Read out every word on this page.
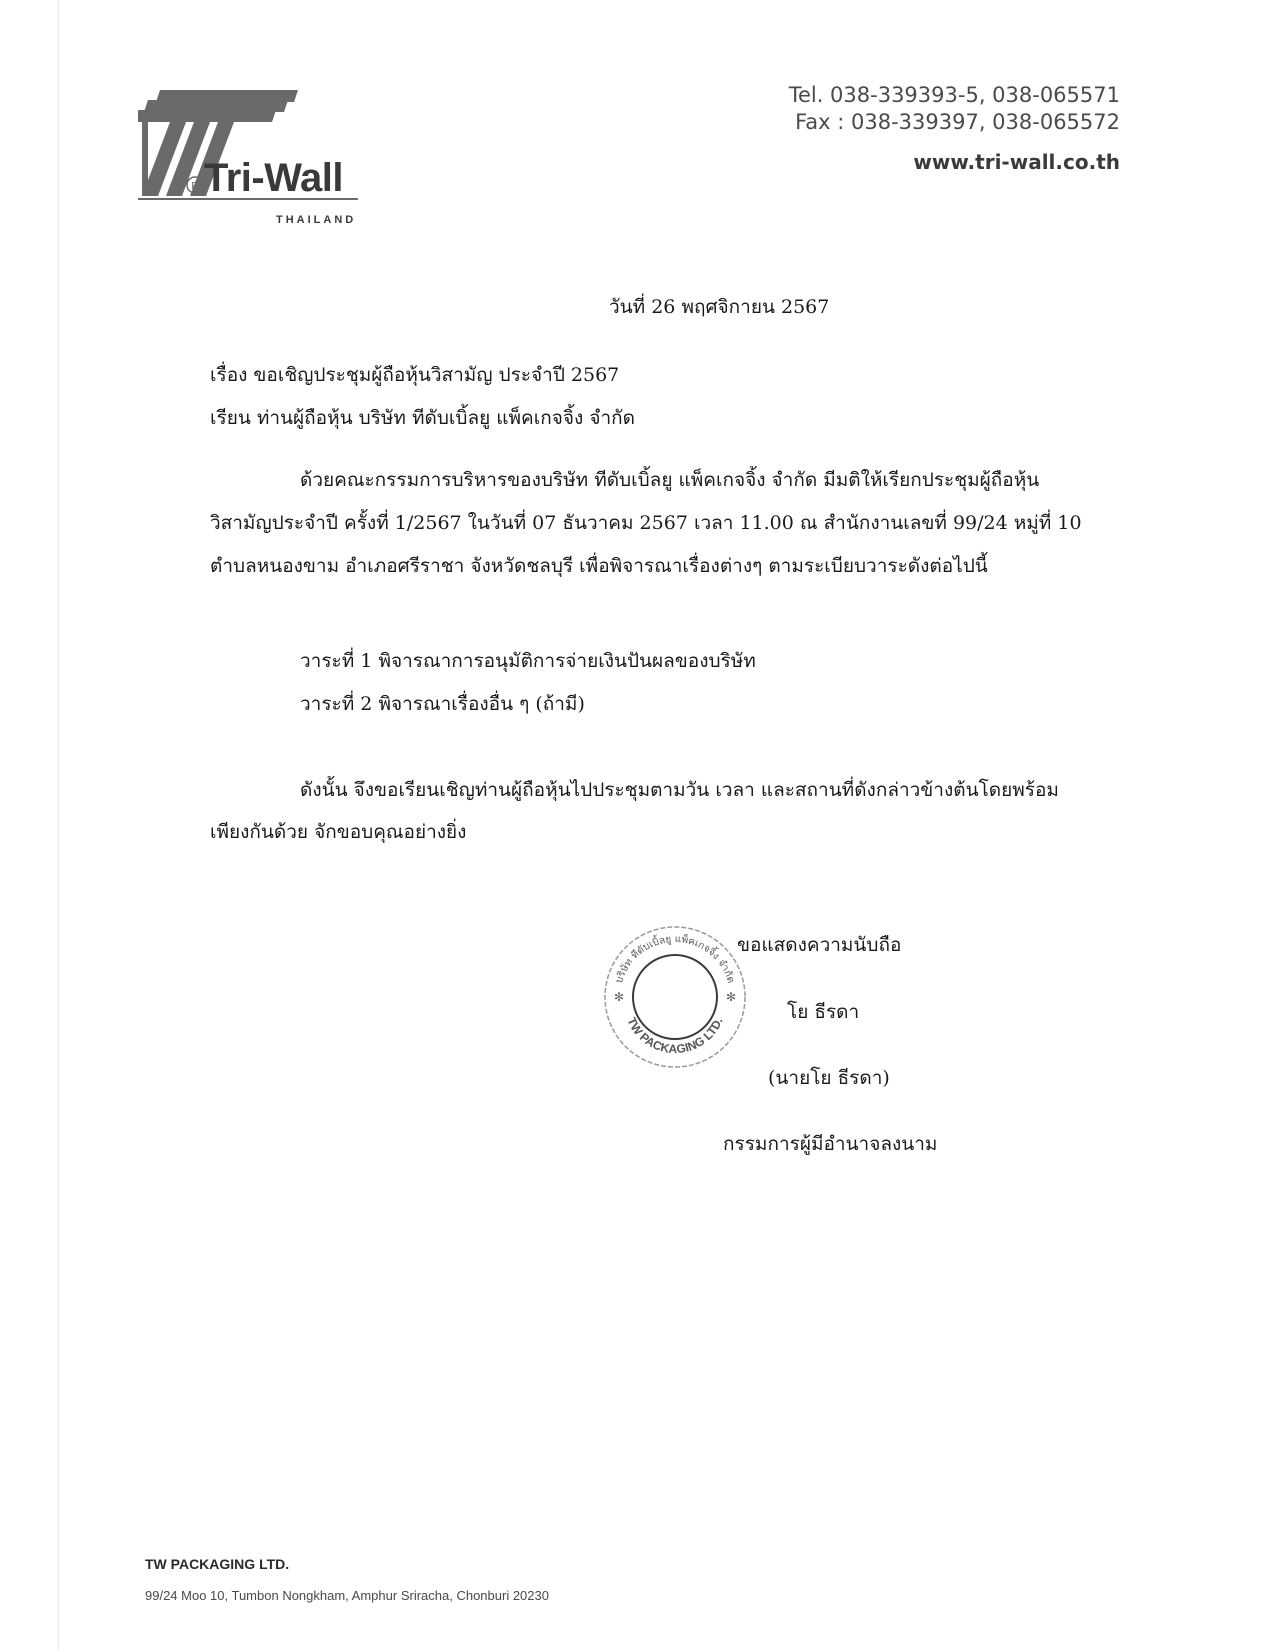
R Tri-Wall
THAILAND
Tel. 038-339393-5, 038-065571
Fax : 038-339397, 038-065572
www.tri-wall.co.th
วันที่ 26 พฤศจิกายน 2567
เรื่อง ขอเชิญประชุมผู้ถือหุ้นวิสามัญ ประจำปี 2567
เรียน ท่านผู้ถือหุ้น บริษัท ทีดับเบิ้ลยู แพ็คเกจจิ้ง จำกัด
ด้วยคณะกรรมการบริหารของบริษัท ทีดับเบิ้ลยู แพ็คเกจจิ้ง จำกัด มีมติให้เรียกประชุมผู้ถือหุ้น
วิสามัญประจำปี ครั้งที่ 1/2567 ในวันที่ 07 ธันวาคม 2567 เวลา 11.00 ณ สำนักงานเลขที่ 99/24 หมู่ที่ 10
ตำบลหนองขาม อำเภอศรีราชา จังหวัดชลบุรี เพื่อพิจารณาเรื่องต่างๆ ตามระเบียบวาระดังต่อไปนี้
วาระที่ 1 พิจารณาการอนุมัติการจ่ายเงินปันผลของบริษัท
วาระที่ 2 พิจารณาเรื่องอื่น ๆ (ถ้ามี)
ดังนั้น จึงขอเรียนเชิญท่านผู้ถือหุ้นไปประชุมตามวัน เวลา และสถานที่ดังกล่าวข้างต้นโดยพร้อม
เพียงกันด้วย จักขอบคุณอย่างยิ่ง
บริษัท ทีดับเบิ้ลยู แพ็คเกจจิ้ง จำกัด
TW PACKAGING LTD.
✻	✻
ขอแสดงความนับถือ
โย ธีรดา
(นายโย ธีรดา)
กรรมการผู้มีอำนาจลงนาม
TW PACKAGING LTD.
99/24 Moo 10, Tumbon Nongkham, Amphur Sriracha, Chonburi 20230
